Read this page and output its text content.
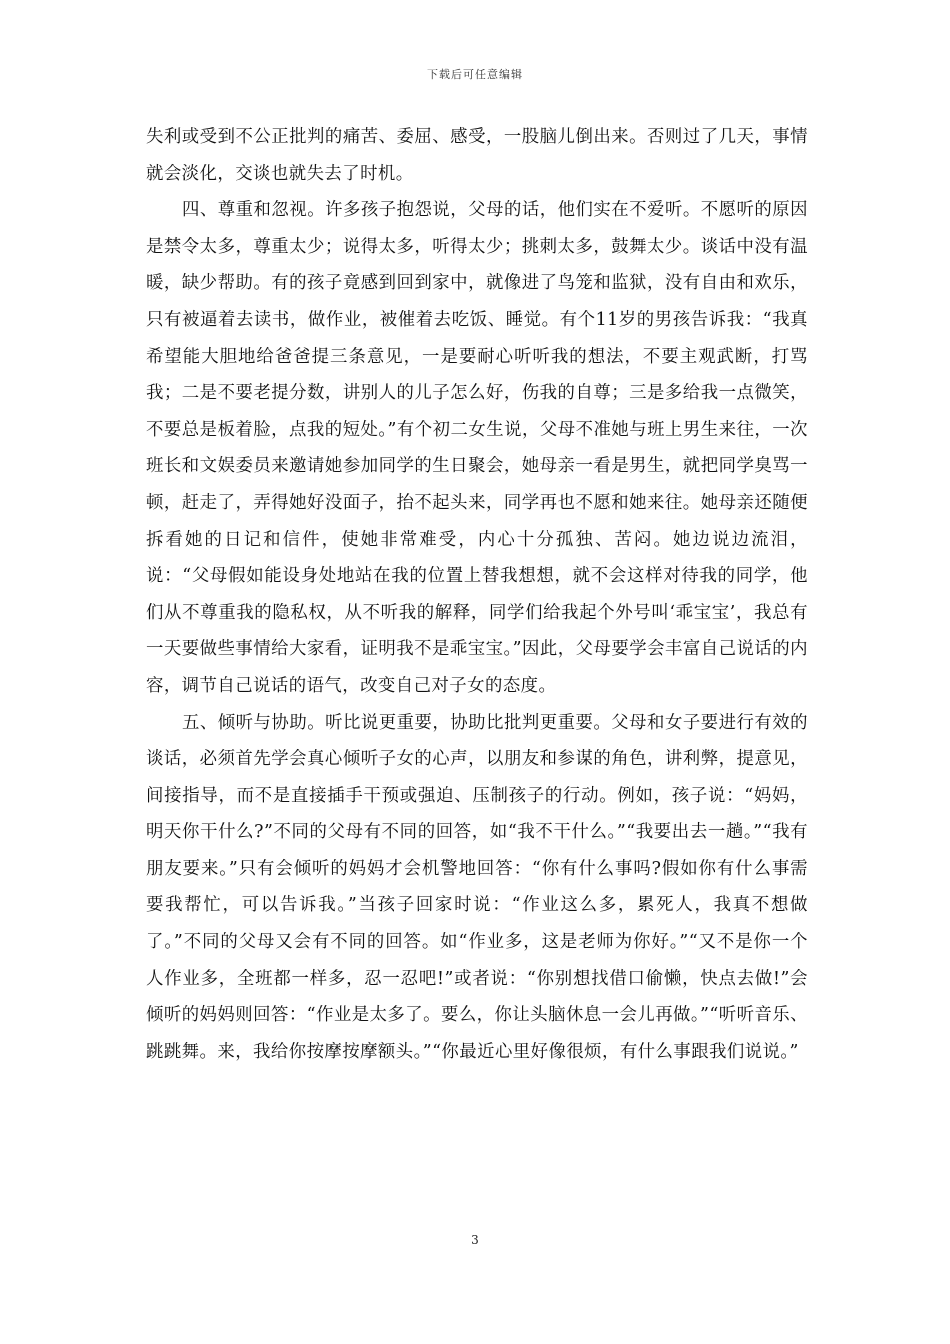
下载后可任意编辑

失利或受到不公正批判的痛苦、委屈、感受，一股脑儿倒出来。否则过了几天，事情就会淡化，交谈也就失去了时机。

四、尊重和忽视。许多孩子抱怨说，父母的话，他们实在不爱听。不愿听的原因是禁令太多，尊重太少；说得太多，听得太少；挑刺太多，鼓舞太少。谈话中没有温暖，缺少帮助。有的孩子竟感到回到家中，就像进了鸟笼和监狱，没有自由和欢乐，只有被逼着去读书，做作业，被催着去吃饭、睡觉。有个11岁的男孩告诉我：“我真希望能大胆地给爸爸提三条意见，一是要耐心听听我的想法，不要主观武断，打骂我；二是不要老提分数，讲别人的儿子怎么好，伤我的自尊；三是多给我一点微笑，不要总是板着脸，点我的短处。”有个初二女生说，父母不准她与班上男生来往，一次班长和文娱委员来邀请她参加同学的生日聚会，她母亲一看是男生，就把同学臭骂一顿，赶走了，弄得她好没面子，抬不起头来，同学再也不愿和她来往。她母亲还随便拆看她的日记和信件，使她非常难受，内心十分孤独、苦闷。她边说边流泪，说：“父母假如能设身处地站在我的位置上替我想想，就不会这样对待我的同学，他们从不尊重我的隐私权，从不听我的解释，同学们给我起个外号叫‘乖宝宝’，我总有一天要做些事情给大家看，证明我不是乖宝宝。”因此，父母要学会丰富自己说话的内容，调节自己说话的语气，改变自己对子女的态度。

五、倾听与协助。听比说更重要，协助比批判更重要。父母和女子要进行有效的谈话，必须首先学会真心倾听子女的心声，以朋友和参谋的角色，讲利弊，提意见，间接指导，而不是直接插手干预或强迫、压制孩子的行动。例如，孩子说：“妈妈，明天你干什么?”不同的父母有不同的回答，如“我不干什么。”“我要出去一趟。”“我有朋友要来。”只有会倾听的妈妈才会机警地回答：“你有什么事吗?假如你有什么事需要我帮忙，可以告诉我。”当孩子回家时说：“作业这么多，累死人，我真不想做了。”不同的父母又会有不同的回答。如“作业多，这是老师为你好。”“又不是你一个人作业多，全班都一样多，忍一忍吧!”或者说：“你别想找借口偷懒，快点去做!”会倾听的妈妈则回答：“作业是太多了。要么，你让头脑休息一会儿再做。”“听听音乐、跳跳舞。来，我给你按摩按摩额头。”“你最近心里好像很烦，有什么事跟我们说说。”

3
